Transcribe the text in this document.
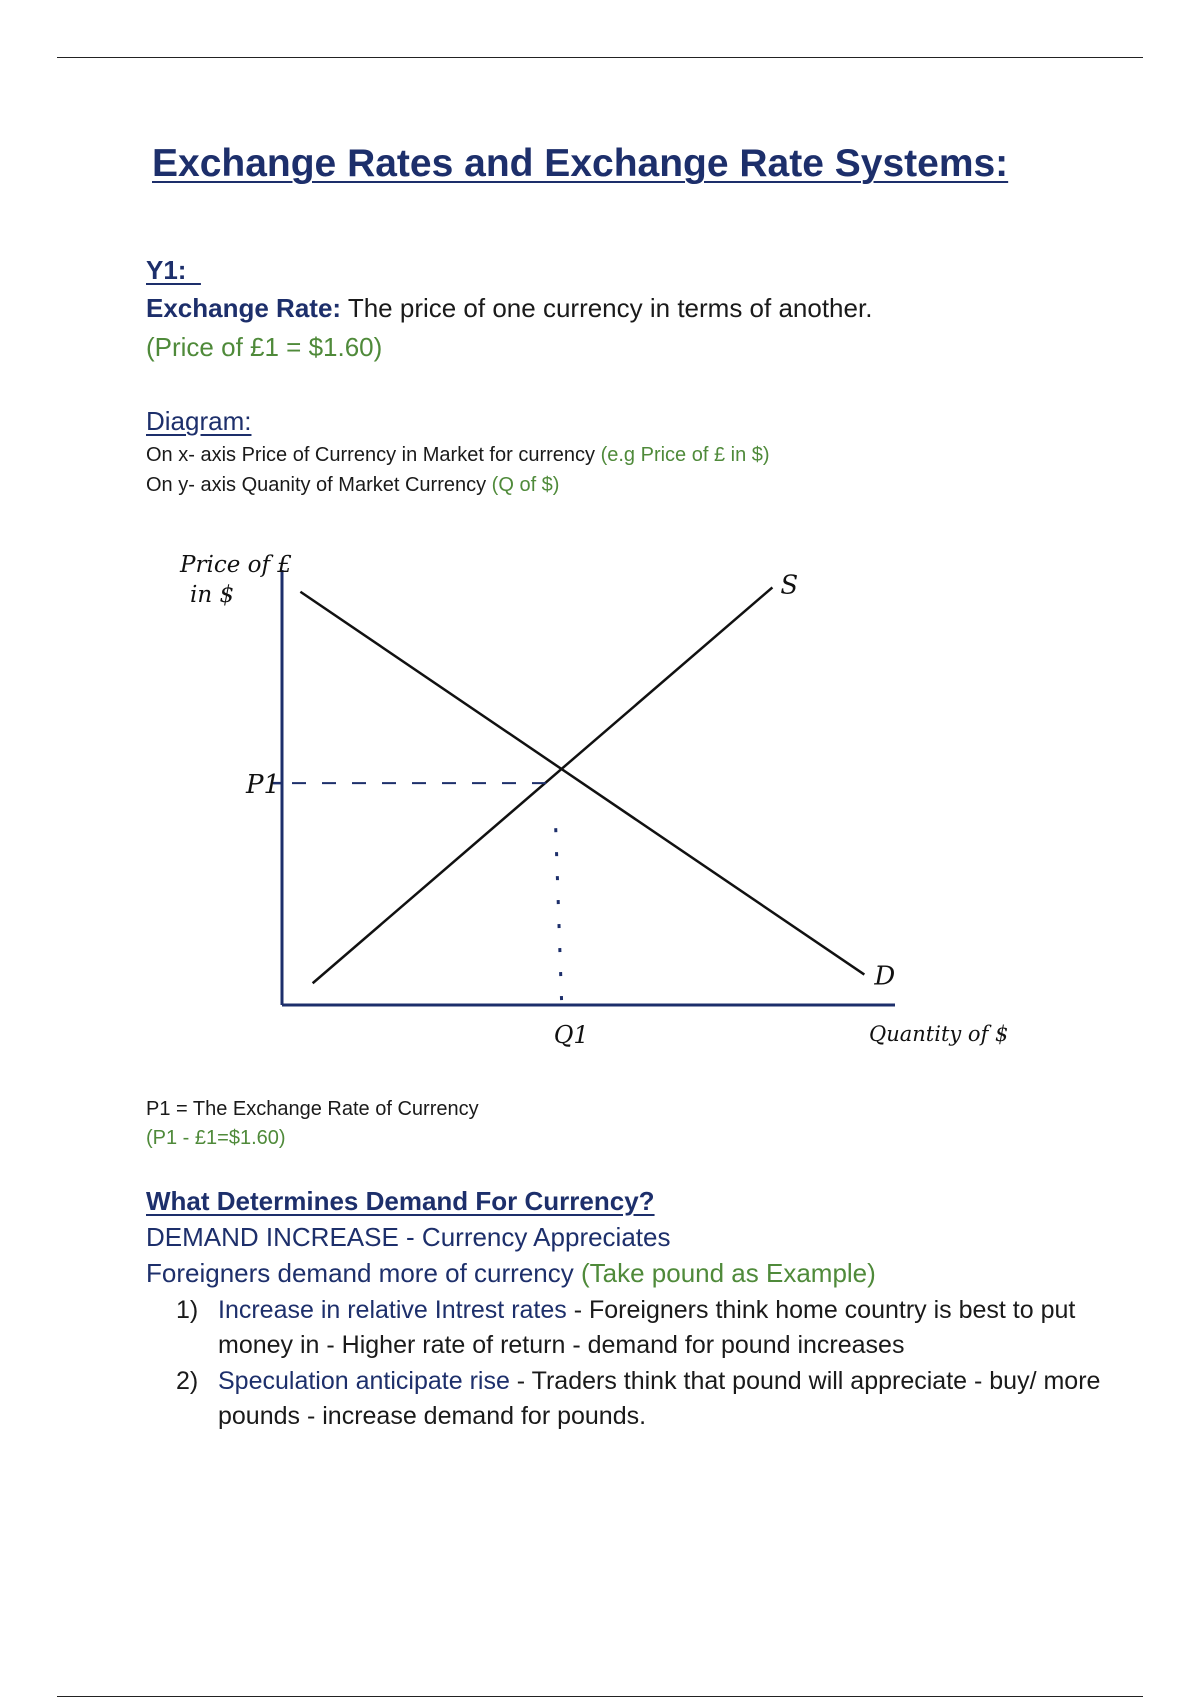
Exchange Rates and Exchange Rate Systems:
Y1:
Exchange Rate: The price of one currency in terms of another.
(Price of £1 = $1.60)
Diagram:
On x- axis Price of Currency in Market for currency (e.g Price of £ in $)
On y- axis Quanity of Market Currency (Q of $)
Price of £
in $
Quantity of $
S
D
P1
Q1
P1 = The Exchange Rate of Currency
(P1 - £1=$1.60)
What Determines Demand For Currency?
DEMAND INCREASE - Currency Appreciates
Foreigners demand more of currency (Take pound as Example)
1) Increase in relative Intrest rates - Foreigners think home country is best to put money in - Higher rate of return - demand for pound increases
2) Speculation anticipate rise - Traders think that pound will appreciate - buy/ more pounds - increase demand for pounds.
